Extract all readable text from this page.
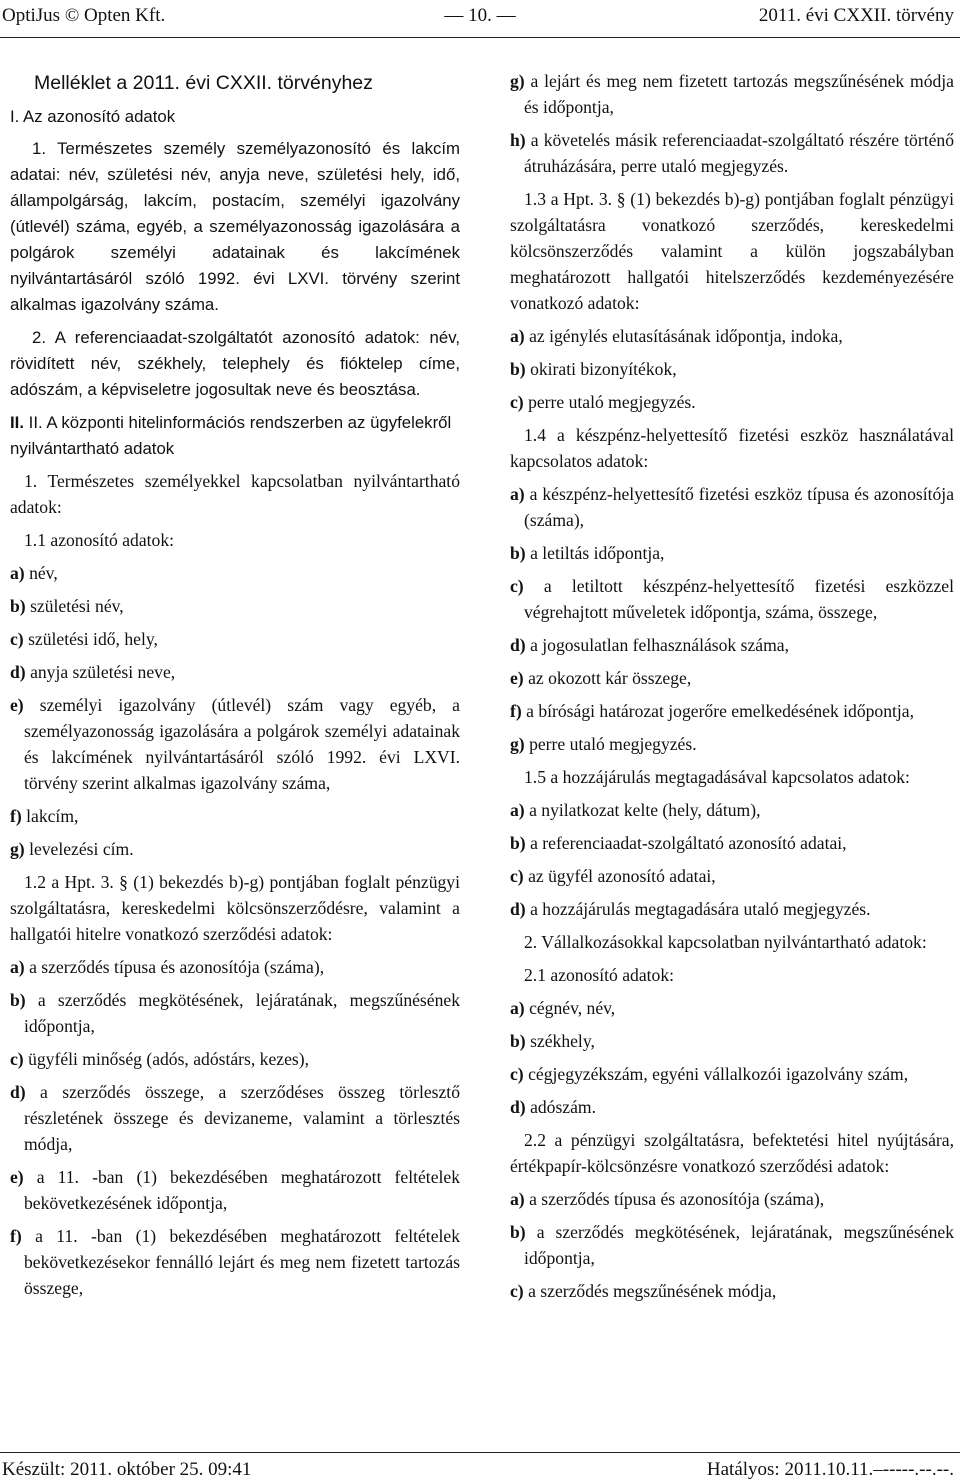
OptiJus © Opten Kft.	— 10. —	2011. évi CXXII. törvény
Melléklet a 2011. évi CXXII. törvényhez
I. Az azonosító adatok

1. Természetes személy személyazonosító és lakcím adatai: név, születési név, anyja neve, születési hely, idő, állampolgárság, lakcím, postacím, személyi igazolvány (útlevél) száma, egyéb, a személyazonosság igazolására a polgárok személyi adatainak és lakcímének nyilvántartásáról szóló 1992. évi LXVI. törvény szerint alkalmas igazolvány száma.

2. A referenciaadat-szolgáltatót azonosító adatok: név, rövidített név, székhely, telephely és fióktelep címe, adószám, a képviseletre jogosultak neve és beosztása.

II. II. A központi hitelinformációs rendszerben az ügyfelekről nyilvántartható adatok

1. Természetes személyekkel kapcsolatban nyilvántartható adatok:

1.1 azonosító adatok:

a) név,

b) születési név,

c) születési idő, hely,

d) anyja születési neve,

e) személyi igazolvány (útlevél) szám vagy egyéb, a személyazonosság igazolására a polgárok személyi adatainak és lakcímének nyilvántartásáról szóló 1992. évi LXVI. törvény szerint alkalmas igazolvány száma,

f) lakcím,

g) levelezési cím.

1.2 a Hpt. 3. § (1) bekezdés b)-g) pontjában foglalt pénzügyi szolgáltatásra, kereskedelmi kölcsönszerződésre, valamint a hallgatói hitelre vonatkozó szerződési adatok:

a) a szerződés típusa és azonosítója (száma),

b) a szerződés megkötésének, lejáratának, megszűnésének időpontja,

c) ügyféli minőség (adós, adóstárs, kezes),

d) a szerződés összege, a szerződéses összeg törlesztő részletének összege és devizaneme, valamint a törlesztés módja,

e) a 11. -ban (1) bekezdésében meghatározott feltételek bekövetkezésének időpontja,

f) a 11. -ban (1) bekezdésében meghatározott feltételek bekövetkezésekor fennálló lejárt és meg nem fizetett tartozás összege,

g) a lejárt és meg nem fizetett tartozás megszűnésének módja és időpontja,

h) a követelés másik referenciaadat-szolgáltató részére történő átruházására, perre utaló megjegyzés.

1.3 a Hpt. 3. § (1) bekezdés b)-g) pontjában foglalt pénzügyi szolgáltatásra vonatkozó szerződés, kereskedelmi kölcsönszerződés valamint a külön jogszabályban meghatározott hallgatói hitelszerződés kezdeményezésére vonatkozó adatok:

a) az igénylés elutasításának időpontja, indoka,

b) okirati bizonyítékok,

c) perre utaló megjegyzés.

1.4 a készpénz-helyettesítő fizetési eszköz használatával kapcsolatos adatok:

a) a készpénz-helyettesítő fizetési eszköz típusa és azonosítója (száma),

b) a letiltás időpontja,

c) a letiltott készpénz-helyettesítő fizetési eszközzel végrehajtott műveletek időpontja, száma, összege,

d) a jogosulatlan felhasználások száma,

e) az okozott kár összege,

f) a bírósági határozat jogerőre emelkedésének időpontja,

g) perre utaló megjegyzés.

1.5 a hozzájárulás megtagadásával kapcsolatos adatok:

a) a nyilatkozat kelte (hely, dátum),

b) a referenciaadat-szolgáltató azonosító adatai,

c) az ügyfél azonosító adatai,

d) a hozzájárulás megtagadására utaló megjegyzés.

2. Vállalkozásokkal kapcsolatban nyilvántartható adatok:

2.1 azonosító adatok:

a) cégnév, név,

b) székhely,

c) cégjegyzékszám, egyéni vállalkozói igazolvány szám,

d) adószám.

2.2 a pénzügyi szolgáltatásra, befektetési hitel nyújtására, értékpapír-kölcsönzésre vonatkozó szerződési adatok:

a) a szerződés típusa és azonosítója (száma),

b) a szerződés megkötésének, lejáratának, megszűnésének időpontja,

c) a szerződés megszűnésének módja,

Készült: 2011. október 25. 09:41	Hatályos: 2011.10.11.–-----.--.--.
